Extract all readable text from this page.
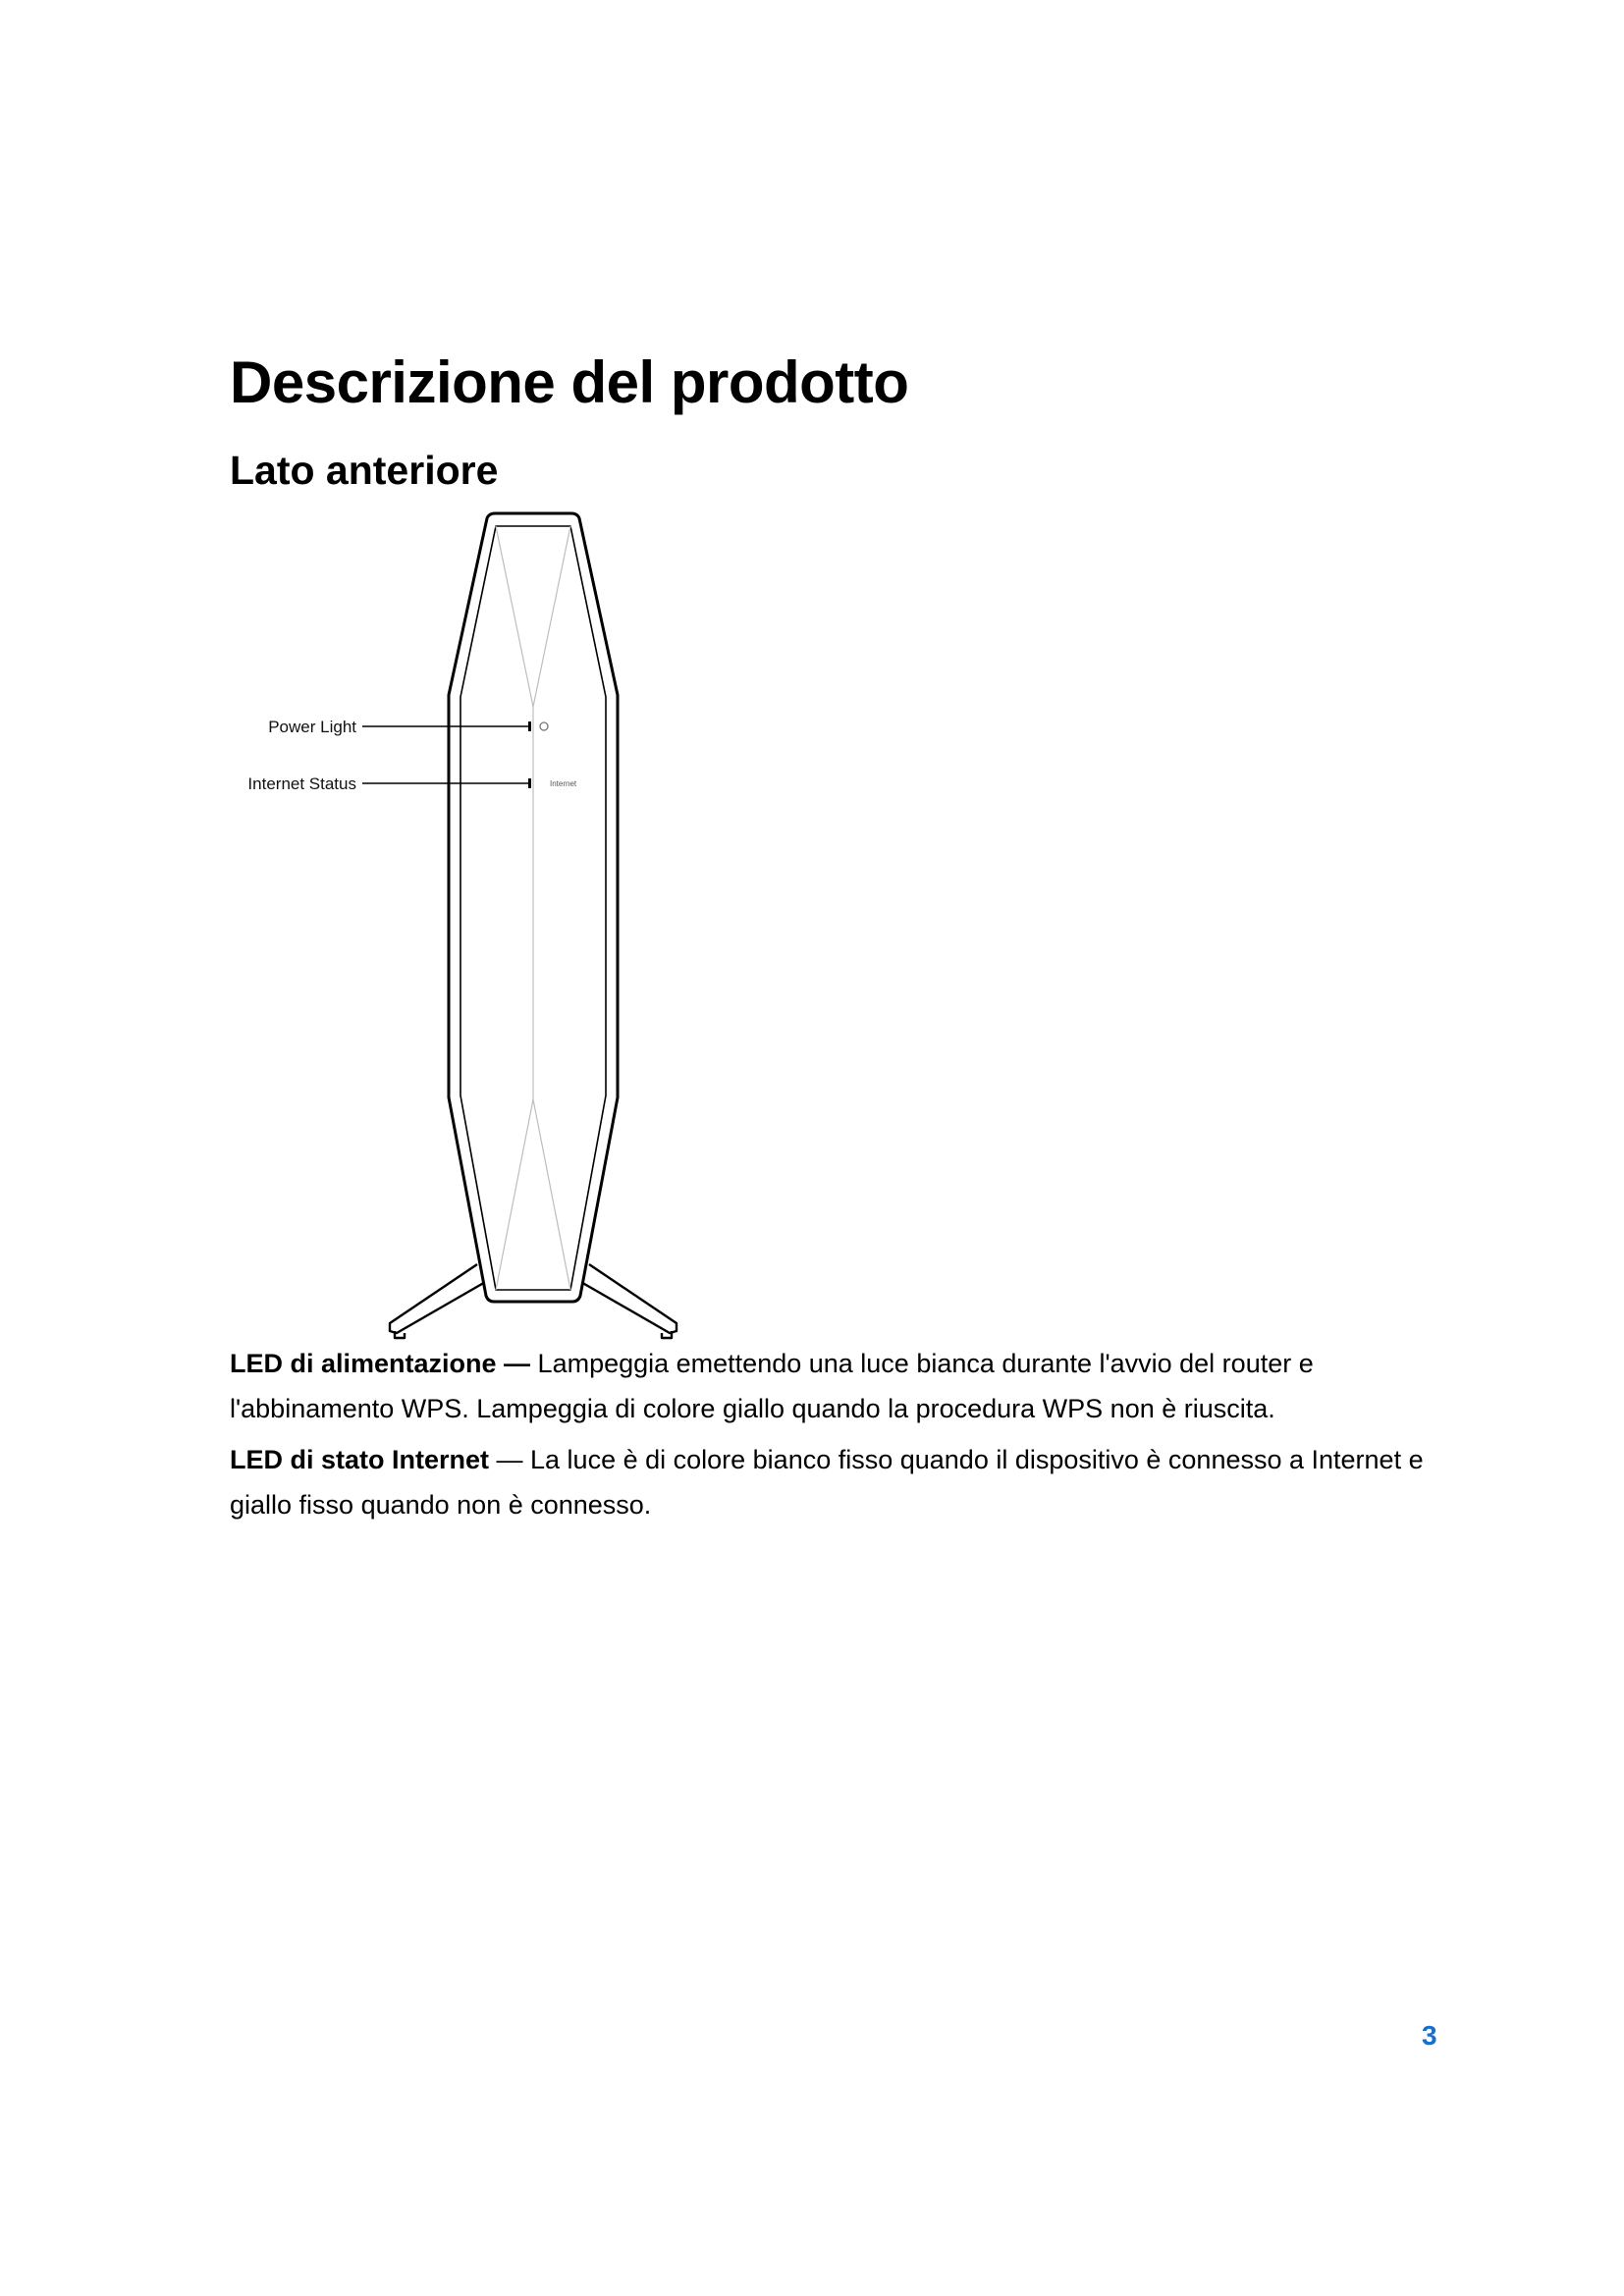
Descrizione del prodotto
Lato anteriore
Internet
Power Light
Internet Status

LED di alimentazione — Lampeggia emettendo una luce bianca durante l'avvio del router e l'abbinamento WPS. Lampeggia di colore giallo quando la procedura WPS non è riuscita.

LED di stato Internet — La luce è di colore bianco fisso quando il dispositivo è connesso a Internet e giallo fisso quando non è connesso.

3
